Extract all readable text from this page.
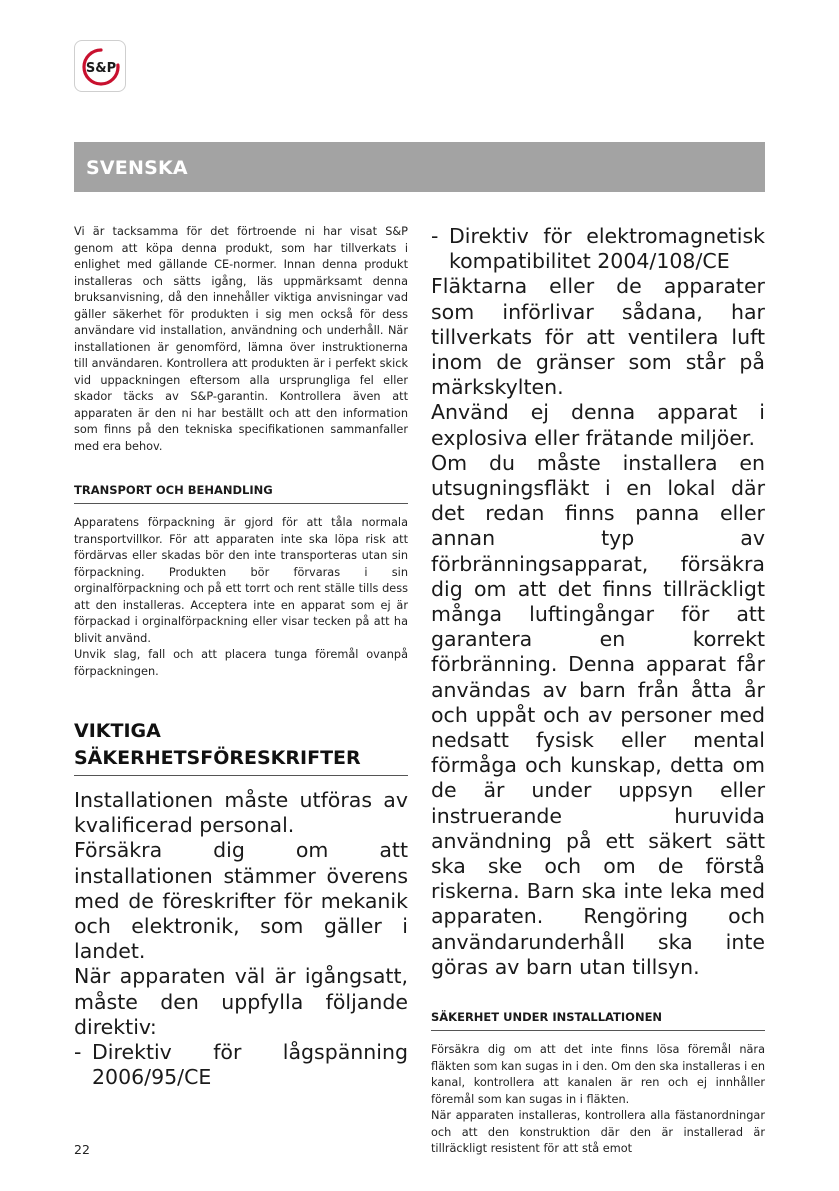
S&P
SVENSKA

Vi är tacksamma för det förtroende ni har visat S&P genom att köpa denna produkt, som har tillverkats i enlighet med gällande CE-normer. Innan denna produkt installeras och sätts igång, läs uppmärksamt denna bruksanvisning, då den innehåller viktiga anvisningar vad gäller säkerhet för produkten i sig men också för dess användare vid installation, användning och underhåll. När installationen är genomförd, lämna över instruktionerna till användaren. Kontrollera att produkten är i perfekt skick vid uppackningen eftersom alla ursprungliga fel eller skador täcks av S&P-garantin. Kontrollera även att apparaten är den ni har beställt och att den information som finns på den tekniska specifikationen sammanfaller med era behov.

TRANSPORT OCH BEHANDLING

Apparatens förpackning är gjord för att tåla normala transportvillkor. För att apparaten inte ska löpa risk att fördärvas eller skadas bör den inte transporteras utan sin förpackning. Produkten bör förvaras i sin orginalförpackning och på ett torrt och rent ställe tills dess att den installeras. Acceptera inte en apparat som ej är förpackad i orginalförpackning eller visar tecken på att ha blivit använd.

Unvik slag, fall och att placera tunga föremål ovanpå förpackningen.

VIKTIGA
SÄKERHETSFÖRESKRIFTER

Installationen måste utföras av kvalificerad personal.

Försäkra dig om att installationen stämmer överens med de föreskrifter för mekanik och elektronik, som gäller i landet.

När apparaten väl är igångsatt, måste den uppfylla följande direktiv:

- Direktiv för lågspänning 2006/95/CE
- Direktiv för elektromagnetisk kompatibilitet 2004/108/CE

Fläktarna eller de apparater som införlivar sådana, har tillverkats för att ventilera luft inom de gränser som står på märkskylten.

Använd ej denna apparat i explosiva eller frätande miljöer.

Om du måste installera en utsugningsfläkt i en lokal där det redan finns panna eller annan typ av förbränningsapparat, försäkra dig om att det finns tillräckligt många luftingångar för att garantera en korrekt förbränning. Denna apparat får användas av barn från åtta år och uppåt och av personer med nedsatt fysisk eller mental förmåga och kunskap, detta om de är under uppsyn eller instruerande huruvida användning på ett säkert sätt ska ske och om de förstå riskerna. Barn ska inte leka med apparaten. Rengöring och användarunderhåll ska inte göras av barn utan tillsyn.

SÄKERHET UNDER INSTALLATIONEN

Försäkra dig om att det inte finns lösa föremål nära fläkten som kan sugas in i den. Om den ska installeras i en kanal, kontrollera att kanalen är ren och ej innhåller föremål som kan sugas in i fläkten.

När apparaten installeras, kontrollera alla fästanordningar och att den konstruktion där den är installerad är tillräckligt resistent för att stå emot

22
